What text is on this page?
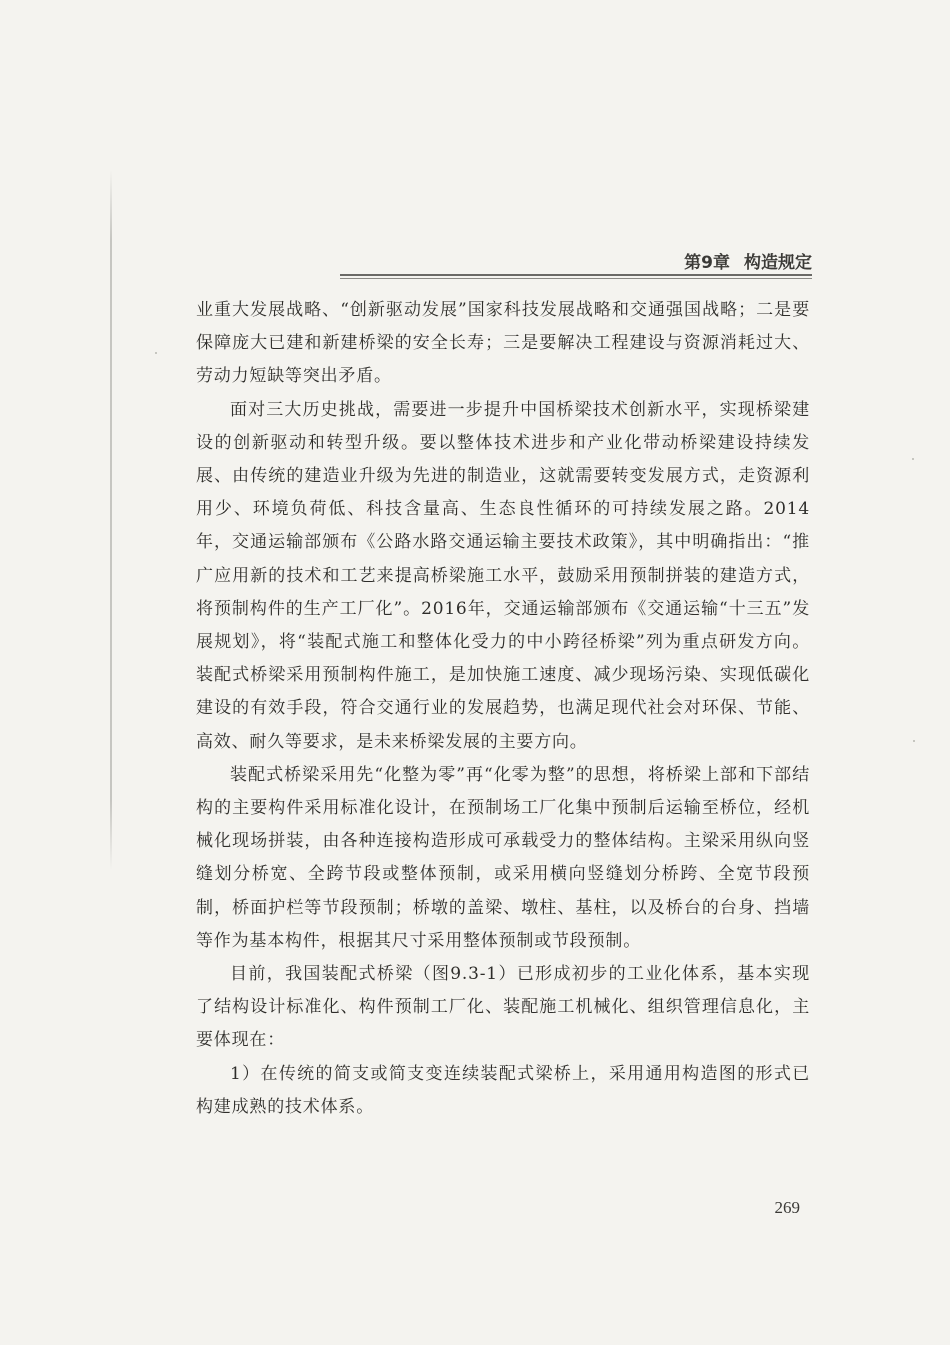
第9章 构造规定

业重大发展战略、“创新驱动发展”国家科技发展战略和交通强国战略；二是要保障庞大已建和新建桥梁的安全长寿；三是要解决工程建设与资源消耗过大、劳动力短缺等突出矛盾。

面对三大历史挑战，需要进一步提升中国桥梁技术创新水平，实现桥梁建设的创新驱动和转型升级。要以整体技术进步和产业化带动桥梁建设持续发展、由传统的建造业升级为先进的制造业，这就需要转变发展方式，走资源利用少、环境负荷低、科技含量高、生态良性循环的可持续发展之路。2014年，交通运输部颁布《公路水路交通运输主要技术政策》，其中明确指出：“推广应用新的技术和工艺来提高桥梁施工水平，鼓励采用预制拼装的建造方式，将预制构件的生产工厂化”。2016年，交通运输部颁布《交通运输“十三五”发展规划》，将“装配式施工和整体化受力的中小跨径桥梁”列为重点研发方向。装配式桥梁采用预制构件施工，是加快施工速度、减少现场污染、实现低碳化建设的有效手段，符合交通行业的发展趋势，也满足现代社会对环保、节能、高效、耐久等要求，是未来桥梁发展的主要方向。

装配式桥梁采用先“化整为零”再“化零为整”的思想，将桥梁上部和下部结构的主要构件采用标准化设计，在预制场工厂化集中预制后运输至桥位，经机械化现场拼装，由各种连接构造形成可承载受力的整体结构。主梁采用纵向竖缝划分桥宽、全跨节段或整体预制，或采用横向竖缝划分桥跨、全宽节段预制，桥面护栏等节段预制；桥墩的盖梁、墩柱、基柱，以及桥台的台身、挡墙等作为基本构件，根据其尺寸采用整体预制或节段预制。

目前，我国装配式桥梁（图9.3-1）已形成初步的工业化体系，基本实现了结构设计标准化、构件预制工厂化、装配施工机械化、组织管理信息化，主要体现在：

1）在传统的简支或简支变连续装配式梁桥上，采用通用构造图的形式已构建成熟的技术体系。

269
